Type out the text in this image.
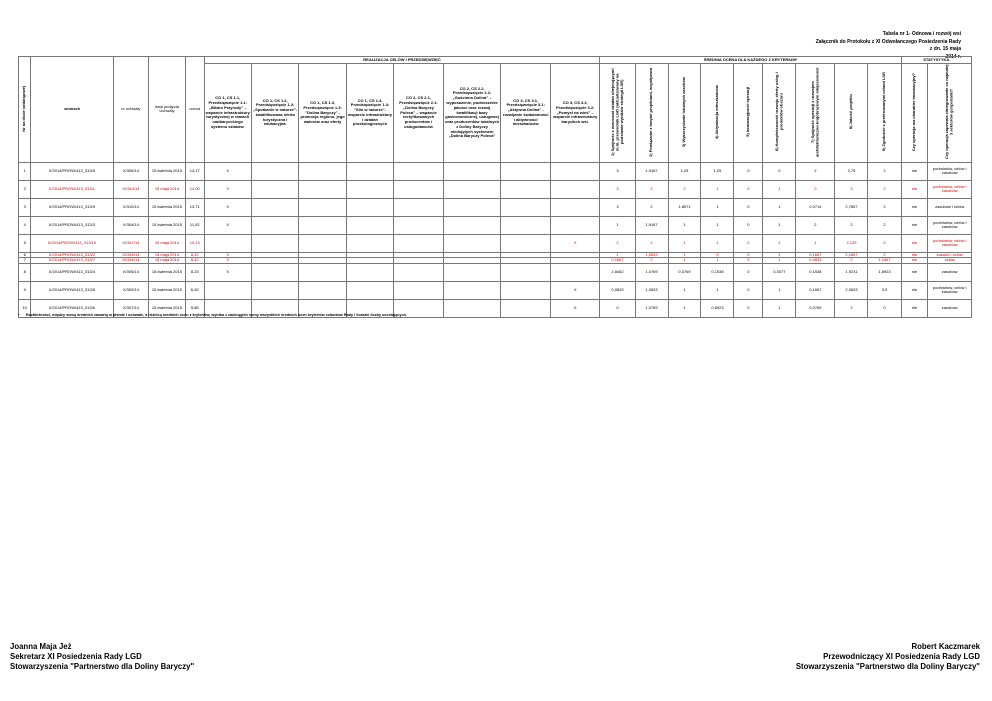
Tabela nr 1- Odnowa i rozwój wsi
Załącznik do Protokołu z XI Odwołanczego Posiedzenia Rady
z dn. 15 maja
2014 r.
Nr na liście rankingowej	wniosek	nr uchwały	data podjęcia Uchwały	ocena	REALIZACJA CELÓW I PRZEDSIĘWZIĘĆ								ŚREDNIA OCENA DLA KAŻDEGO Z KRYTERIUM*									STATYSTYKA	
					CO 1, CS 1.1, Przedsięwzięcie 1.1: „Blisko Przyrody” – wsparcie infrastruktury turystycznej w ramach nadbarycckiego systemu szlaków.	CO 1, CS 1.2, Przedsięwzięcie 1.2: „Spotkanie w naturze”- kwalifikowana oferta turystyczna i edukacyjna.	CO 1, CS 1.3, Przedsięwzięcie 1.3: "Dolina Baryczy" - promocja regionu, jego walorów oraz oferty	CO 1, CS 1.4, Przedsięwzięcie 1.4: "Silo w naturze"- wsparcie infrastruktury i działań proekologicznych	CO 2, CS 2.1, Przedsięwzięcie 2.1: „Dolina Baryczy Poleca” – wsparcie certyfikowanych producentów i usługodawców	CO 2, CS 2.2, Przedsięwzięcie 2.2: „Gościnna Dolina” – wyposażenie, podnoszenie jakości oraz rozwój kwalifikacji bazy gastronomicznej, usługowej oraz producentów lokalnych z Doliny Baryczy niedojętych systemem „Dolina Baryczy Poleca”	CO 3, CS 3.1, Przedsięwzięcie 3.1: „Aktywna Dolina” - rozwijanie świadomości i aktywności mieszkańców	CO 3, CS 3.2, Przedsięwzięcie 3.2: „Pomysł na wieś” – wsparcie infrastruktury barycikch wsi.	1) Spójność z wzorcami działań obejmującymi m.in. przewodnik LGD (aktualizowany na podstawie wyników strategii LSR)	2) Powiązanie z innymi projektami, współpraca	3) Wykorzystanie lokalnych zasobów	4) Aktywizacja mieszkańców	5) Innowacyjność operacji	6) Kompleksowość rozwoju oferty usług i produktów obszaru	7) Spójność operacji z rozwojem architektoniczno-krajobrazowym miejscowości	8) Jakość projektu	9) Zgodność z preferowanymi celami LSR	Czy operacja ma charakter innowacyjny?	Czy operacja zapewnia zintegrowanie co najmniej 3 sektorów gospodarki?
1	II/2014/PROW/413_313/5	X/306/14	15 kwietnia 2015	14,17	X								3	1,9167	1,25	1,25	0	0	2	2,75	2	nie	podmiotów, celów i zasobów
2	II/2014/PROW/413_313/1	XI/344/14	15 maja 2014	14,00	X								3	2	2	1	0	1	0	3	2	nie	podmiotów, celów i zasobów
3	II/2014/PROW/413_313/9	X/310/14	15 kwietnia 2015	13,71	X								3	2	1,8571	1	0	1	0,0714	2,7857	2	nie	zasobów i celów
4	II/2014/PROW/413_313/3	X/304/14	15 kwietnia 2015	11,92	X								1	1,9167	1	1	0	1	2	2	2	nie	podmiotów, celów i zasobów
5	II/2014/PROW/413_313/10	XI/347/14	15 maja 2014	10,13								X	2	2	1	1	0	1	1	2,125	0	nie	podmiotów, celów i zasobów
6	II/2014/PROW/413_313/2	XI/345/14	15 maja 2014	8,42	X								1	1,0833	1	0	0	1	0,1667	2,1667	2	nie	zasobó i celów
7	II/2014/PROW/413_313/7	XI/346/14	15 maja 2014	8,42	X								0,1667	2	1	1	0	1	0,0833	2	1,1667	nie	celów
8	II/2014/PROW/413_313/4	X/305/14	15 kwietnia 2015	8,23	X								2,8462	1,0769	0,0769	0,1538	0	0,3077	0,1538	1,9231	1,6923	nie	zasobów
9	II/2014/PROW/413_313/8	X/309/14	15 kwietnia 2015	6,92								X	0,0833	1,0833	1	1	0	1	0,1667	2,0833	0,5	nie	podmiotów, celów i zasobów
10	II/2014/PROW/413_313/6	X/307/14	15 kwietnia 2015	5,85								X	0	1,0769	1	0,6923	0	1	0,0769	2	0	nie	zasobów
* Rozbieżności, między sumą średnich zawartą w piśmie i uchwale, a różnicą średnich ocen z kryteriów, wynika z zaokrągleń sumy wszystkich średnich ocen kryteriów członków Rady i ilorazie liczby oceniających.
Joanna Maja Jeż
Sekretarz XI Posiedzenia Rady LGD
Stowarzyszenia "Partnerstwo dla Doliny Baryczy"
Robert Kaczmarek
Przewodniczący XI Posiedzenia Rady LGD
Stowarzyszenia "Partnerstwo dla Doliny Baryczy"
